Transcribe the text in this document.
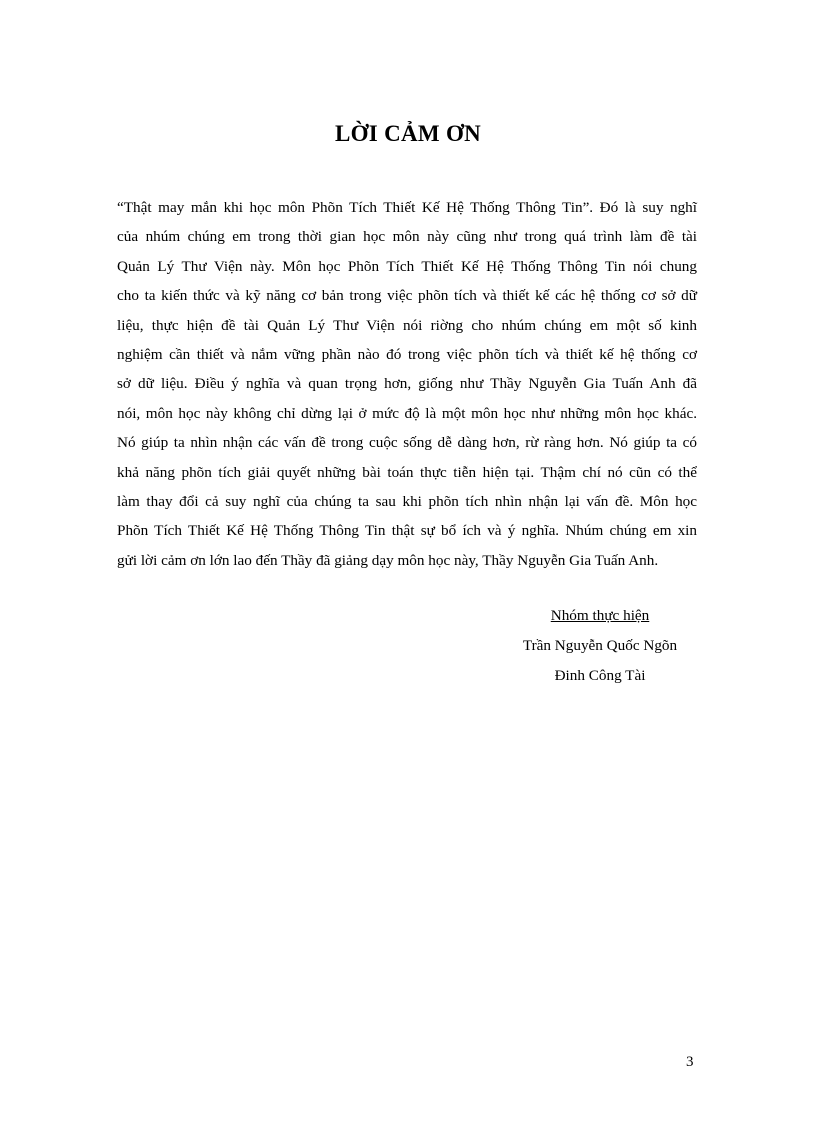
LỜI CẢM ƠN
“Thật may mắn khi học môn Phõn Tích Thiết Kế Hệ Thống Thông Tin”. Đó là suy nghĩ
của nhúm chúng em trong thời gian học môn này cũng như trong quá trình làm đề tài
Quản Lý Thư Viện này. Môn học Phõn Tích Thiết Kế Hệ Thống Thông Tin nói chung
cho ta kiến thức và kỹ năng cơ bản trong việc phõn tích và thiết kế các hệ thống cơ sở dữ
liệu, thực hiện đề tài Quản Lý Thư Viện nói riờng cho nhúm chúng em một số kinh
nghiệm cần thiết và nắm vững phần nào đó trong việc phõn tích và thiết kế hệ thống cơ
sở dữ liệu. Điều ý nghĩa và quan trọng hơn, giống như Thầy Nguyễn Gia Tuấn Anh đã
nói, môn học này không chỉ dừng lại ở mức độ là một môn học như những môn học khác.
Nó giúp ta nhìn nhận các vấn đề trong cuộc sống dễ dàng hơn, rừ ràng hơn. Nó giúp ta có
khả năng phõn tích giải quyết những bài toán thực tiễn hiện tại. Thậm chí nó cũn có thể
làm thay đổi cả suy nghĩ của chúng ta sau khi phõn tích nhìn nhận lại vấn đề. Môn học
Phõn Tích Thiết Kế Hệ Thống Thông Tin thật sự bổ ích và ý nghĩa. Nhúm chúng em xin
gửi lời cảm ơn lớn lao đến Thầy đã giảng dạy môn học này, Thầy Nguyễn Gia Tuấn Anh.
Nhóm thực hiện
Trần Nguyễn Quốc Ngõn
Đinh Công Tài
3
